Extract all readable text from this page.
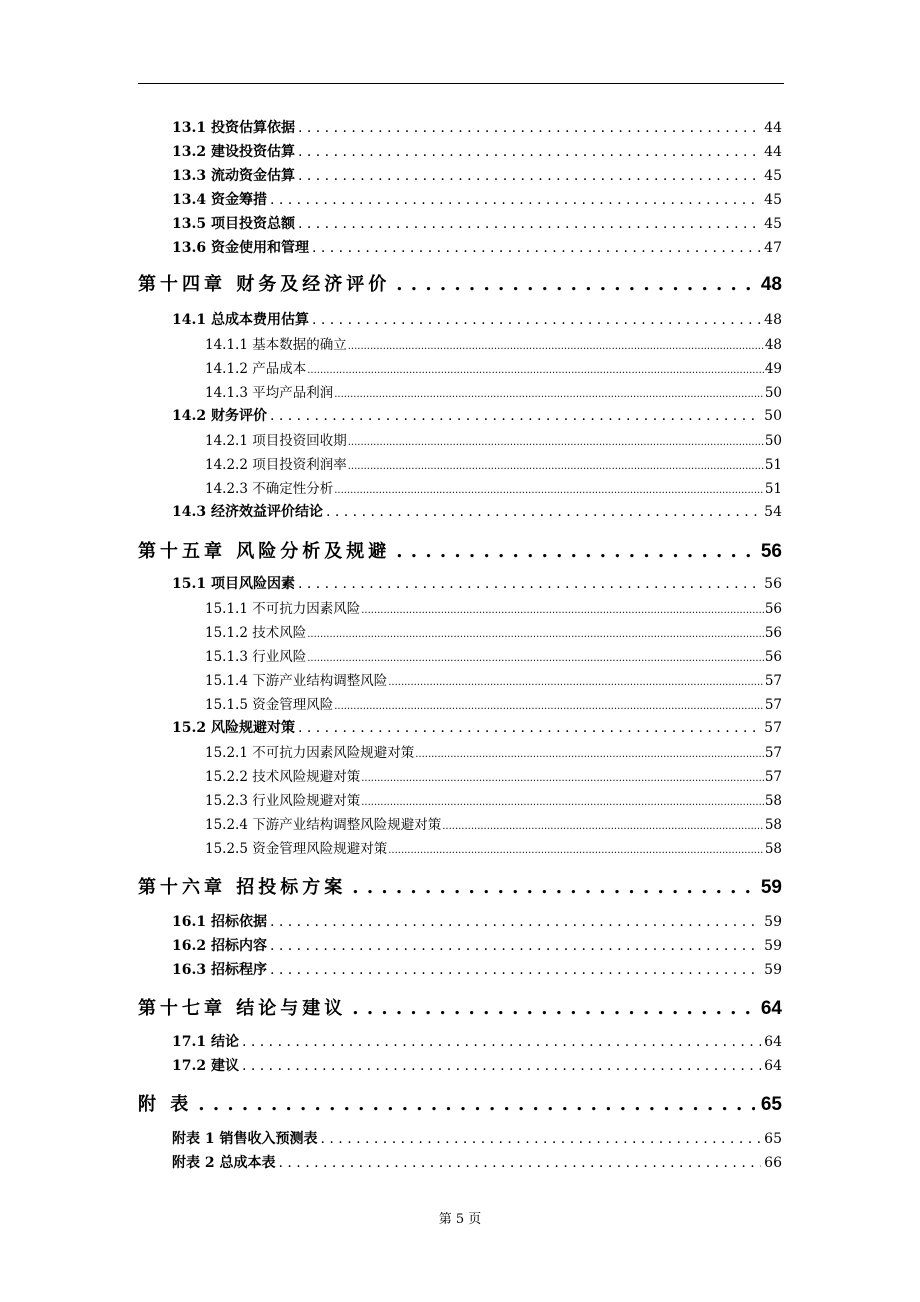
13.1 投资估算依据 . . .	44
13.2 建设投资估算 . . .	44
13.3 流动资金估算 . . .	45
13.4 资金筹措 . . .	45
13.5 项目投资总额 . . .	45
13.6 资金使用和管理 . . .	47
第十四章 财务及经济评价 . . .	48
14.1 总成本费用估算 . . .	48
14.1.1 基本数据的确立 .....	48
14.1.2 产品成本 .....	49
14.1.3 平均产品利润 .....	50
14.2 财务评价 . . .	50
14.2.1 项目投资回收期 .....	50
14.2.2 项目投资利润率 .....	51
14.2.3 不确定性分析 .....	51
14.3 经济效益评价结论 . . .	54
第十五章 风险分析及规避 . . .	56
15.1 项目风险因素 . . .	56
15.1.1 不可抗力因素风险 .....	56
15.1.2 技术风险 .....	56
15.1.3 行业风险 .....	56
15.1.4 下游产业结构调整风险 .....	57
15.1.5 资金管理风险 .....	57
15.2 风险规避对策 . . .	57
15.2.1 不可抗力因素风险规避对策 .....	57
15.2.2 技术风险规避对策 .....	57
15.2.3 行业风险规避对策 .....	58
15.2.4 下游产业结构调整风险规避对策 .....	58
15.2.5 资金管理风险规避对策 .....	58
第十六章 招投标方案 . . .	59
16.1 招标依据 . . .	59
16.2 招标内容 . . .	59
16.3 招标程序 . . .	59
第十七章 结论与建议 . . .	64
17.1 结论 . . .	64
17.2 建议 . . .	64
附 表 . . .	65
附表 1 销售收入预测表 . . .	65
附表 2 总成本表 . . .	66
第 5 页
